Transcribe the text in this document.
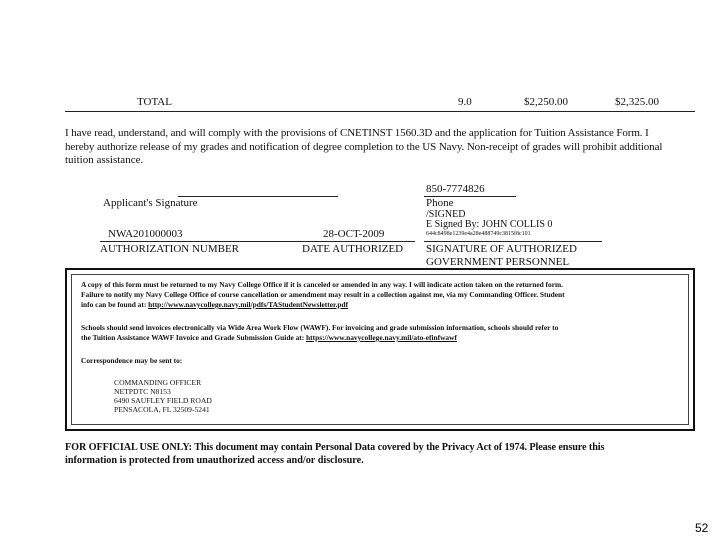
TOTAL	9.0	$2,250.00	$2,325.00
I have read, understand, and will comply with the provisions of CNETINST 1560.3D and the application for Tuition Assistance Form. I
hereby authorize release of my grades and notification of degree completion to the US Navy. Non-receipt of grades will prohibit additional
tuition assistance.
850-7774826
Applicant's Signature	Phone
/SIGNED
E Signed By: JOHN COLLIS 0
644c8498e1239e4a28e488749c3815f8c101
NWA201000003	28-OCT-2009
AUTHORIZATION NUMBER	DATE AUTHORIZED SIGNATURE OF AUTHORIZED
GOVERNMENT PERSONNEL
A copy of this form must be returned to my Navy College Office if it is canceled or amended in any way. I will indicate action taken on the returned form.
Failure to notify my Navy College Office of course cancellation or amendment may result in a collection against me, via my Commanding Officer. Student
info can be found at: http://www.navycollege.navy.mil/pdfs/TAStudentNewsletter.pdf
Schools should send invoices electronically via Wide Area Work Flow (WAWF). For invoicing and grade submission information, schools should refer to
the Tuition Assistance WAWF Invoice and Grade Submission Guide at: https://www.navycollege.navy.mil/ato-efinfwawf
Correspondence may be sent to:
COMMANDING OFFICER
NETPDTC N8153
6490 SAUFLEY FIELD ROAD
PENSACOLA, FL 32509-5241
FOR OFFICIAL USE ONLY: This document may contain Personal Data covered by the Privacy Act of 1974. Please ensure this
information is protected from unauthorized access and/or disclosure.
52
